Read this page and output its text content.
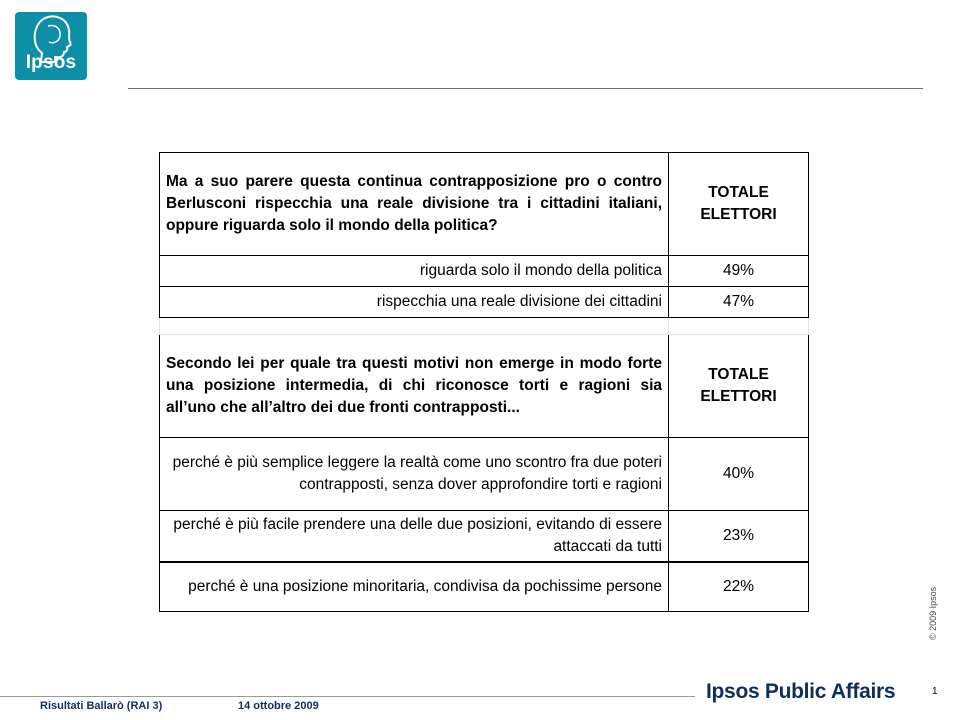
Ipsos
Ma a suo parere questa continua contrapposizione pro o contro Berlusconi rispecchia una reale divisione tra i cittadini italiani, oppure riguarda solo il mondo della politica?	TOTALE
ELETTORI
riguarda solo il mondo della politica	49%
rispecchia una reale divisione dei cittadini	47%

Secondo lei per quale tra questi motivi non emerge in modo forte una posizione intermedia, di chi riconosce torti e ragioni sia all’uno che all’altro dei due fronti contrapposti...	TOTALE
ELETTORI
perché è più semplice leggere la realtà come uno scontro fra due poteri contrapposti, senza dover approfondire torti e ragioni	40%
perché è più facile prendere una delle due posizioni, evitando di essere attaccati da tutti	23%
perché è una posizione minoritaria, condivisa da pochissime persone	22%
© 2009 Ipsos
1
Risultati Ballarò (RAI 3)	14 ottobre 2009
Ipsos Public Affairs
